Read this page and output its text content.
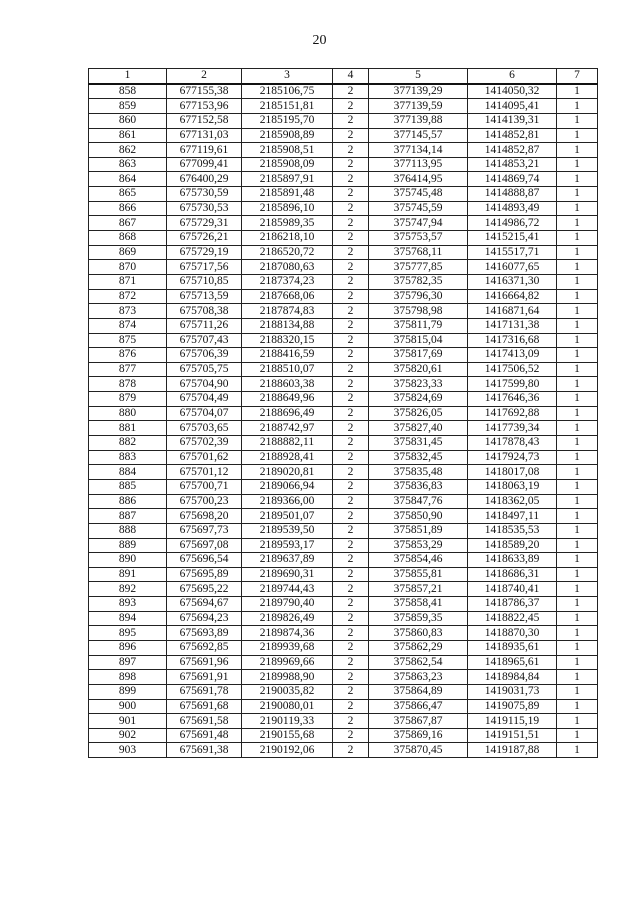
20
1	2	3	4	5	6	7
858	677155,38	2185106,75	2	377139,29	1414050,32	1
859	677153,96	2185151,81	2	377139,59	1414095,41	1
860	677152,58	2185195,70	2	377139,88	1414139,31	1
861	677131,03	2185908,89	2	377145,57	1414852,81	1
862	677119,61	2185908,51	2	377134,14	1414852,87	1
863	677099,41	2185908,09	2	377113,95	1414853,21	1
864	676400,29	2185897,91	2	376414,95	1414869,74	1
865	675730,59	2185891,48	2	375745,48	1414888,87	1
866	675730,53	2185896,10	2	375745,59	1414893,49	1
867	675729,31	2185989,35	2	375747,94	1414986,72	1
868	675726,21	2186218,10	2	375753,57	1415215,41	1
869	675729,19	2186520,72	2	375768,11	1415517,71	1
870	675717,56	2187080,63	2	375777,85	1416077,65	1
871	675710,85	2187374,23	2	375782,35	1416371,30	1
872	675713,59	2187668,06	2	375796,30	1416664,82	1
873	675708,38	2187874,83	2	375798,98	1416871,64	1
874	675711,26	2188134,88	2	375811,79	1417131,38	1
875	675707,43	2188320,15	2	375815,04	1417316,68	1
876	675706,39	2188416,59	2	375817,69	1417413,09	1
877	675705,75	2188510,07	2	375820,61	1417506,52	1
878	675704,90	2188603,38	2	375823,33	1417599,80	1
879	675704,49	2188649,96	2	375824,69	1417646,36	1
880	675704,07	2188696,49	2	375826,05	1417692,88	1
881	675703,65	2188742,97	2	375827,40	1417739,34	1
882	675702,39	2188882,11	2	375831,45	1417878,43	1
883	675701,62	2188928,41	2	375832,45	1417924,73	1
884	675701,12	2189020,81	2	375835,48	1418017,08	1
885	675700,71	2189066,94	2	375836,83	1418063,19	1
886	675700,23	2189366,00	2	375847,76	1418362,05	1
887	675698,20	2189501,07	2	375850,90	1418497,11	1
888	675697,73	2189539,50	2	375851,89	1418535,53	1
889	675697,08	2189593,17	2	375853,29	1418589,20	1
890	675696,54	2189637,89	2	375854,46	1418633,89	1
891	675695,89	2189690,31	2	375855,81	1418686,31	1
892	675695,22	2189744,43	2	375857,21	1418740,41	1
893	675694,67	2189790,40	2	375858,41	1418786,37	1
894	675694,23	2189826,49	2	375859,35	1418822,45	1
895	675693,89	2189874,36	2	375860,83	1418870,30	1
896	675692,85	2189939,68	2	375862,29	1418935,61	1
897	675691,96	2189969,66	2	375862,54	1418965,61	1
898	675691,91	2189988,90	2	375863,23	1418984,84	1
899	675691,78	2190035,82	2	375864,89	1419031,73	1
900	675691,68	2190080,01	2	375866,47	1419075,89	1
901	675691,58	2190119,33	2	375867,87	1419115,19	1
902	675691,48	2190155,68	2	375869,16	1419151,51	1
903	675691,38	2190192,06	2	375870,45	1419187,88	1
